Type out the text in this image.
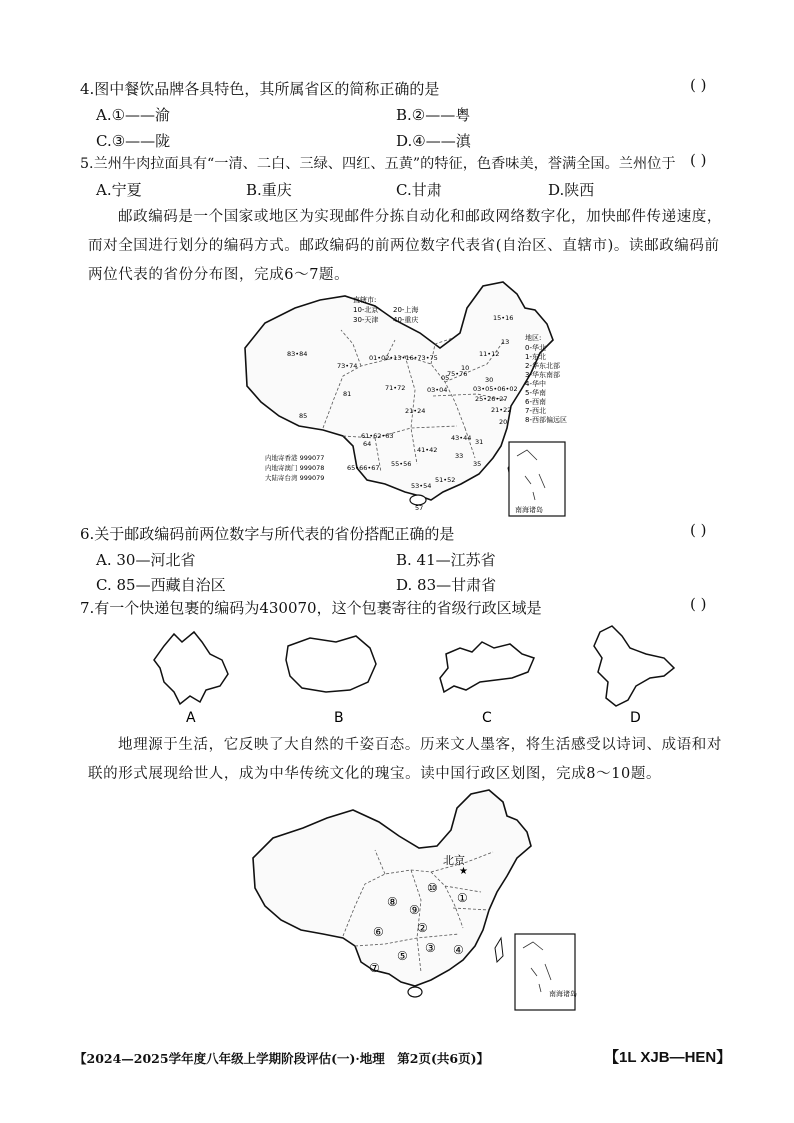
4.图中餐饮品牌各具特色，其所属省区的简称正确的是	( )
A.①——渝	B.②——粤
C.③——陇	D.④——滇
5.兰州牛肉拉面具有“一清、二白、三绿、四红、五黄”的特征，色香味美，誉满全国。兰州位于 ( )
A.宁夏	B.重庆	C.甘肃	D.陕西
邮政编码是一个国家或地区为实现邮件分拣自动化和邮政网络数字化，加快邮件传递速度，而对全国进行划分的编码方式。邮政编码的前两位数字代表省(自治区、直辖市)。读邮政编码前两位代表的省份分布图，完成6～7题。
南海诸岛
直辖市:
10-北京 20-上海
30-天津 40-重庆
地区:
0-华北
1-东北
2-华东北部
3-华东南部
4-华中
5-华南
6-西南
7-西北
8-西部偏远区
内地寄香港 999077
内地寄澳门 999078
大陆寄台湾 999079
83•84
73•74
81
85
01•02•13•16•73•75
15•16
13
11•12
10
05	30
03•05•06•02
25•26•27
21•22
20
71•72	03•04
21•24
61•62•63
64
41•42
43•44
33
31
35
55•56
65•66•67
53•54
51•52
57
75•76
6.关于邮政编码前两位数字与所代表的省份搭配正确的是	( )
A. 30—河北省	B. 41—江苏省
C. 85—西藏自治区	D. 83—甘肃省
7.有一个快递包裹的编码为430070，这个包裹寄往的省级行政区域是	( )
A	B	C	D
地理源于生活，它反映了大自然的千姿百态。历来文人墨客，将生活感受以诗词、成语和对联的形式展现给世人，成为中华传统文化的瑰宝。读中国行政区划图，完成8～10题。
南海诸岛
北京
★
①
②
③ ④
⑤
⑥
⑦
⑧
⑨
⑩
【2024—2025学年度八年级上学期阶段评估(一)·地理　第2页(共6页)】	【1L XJB—HEN】
